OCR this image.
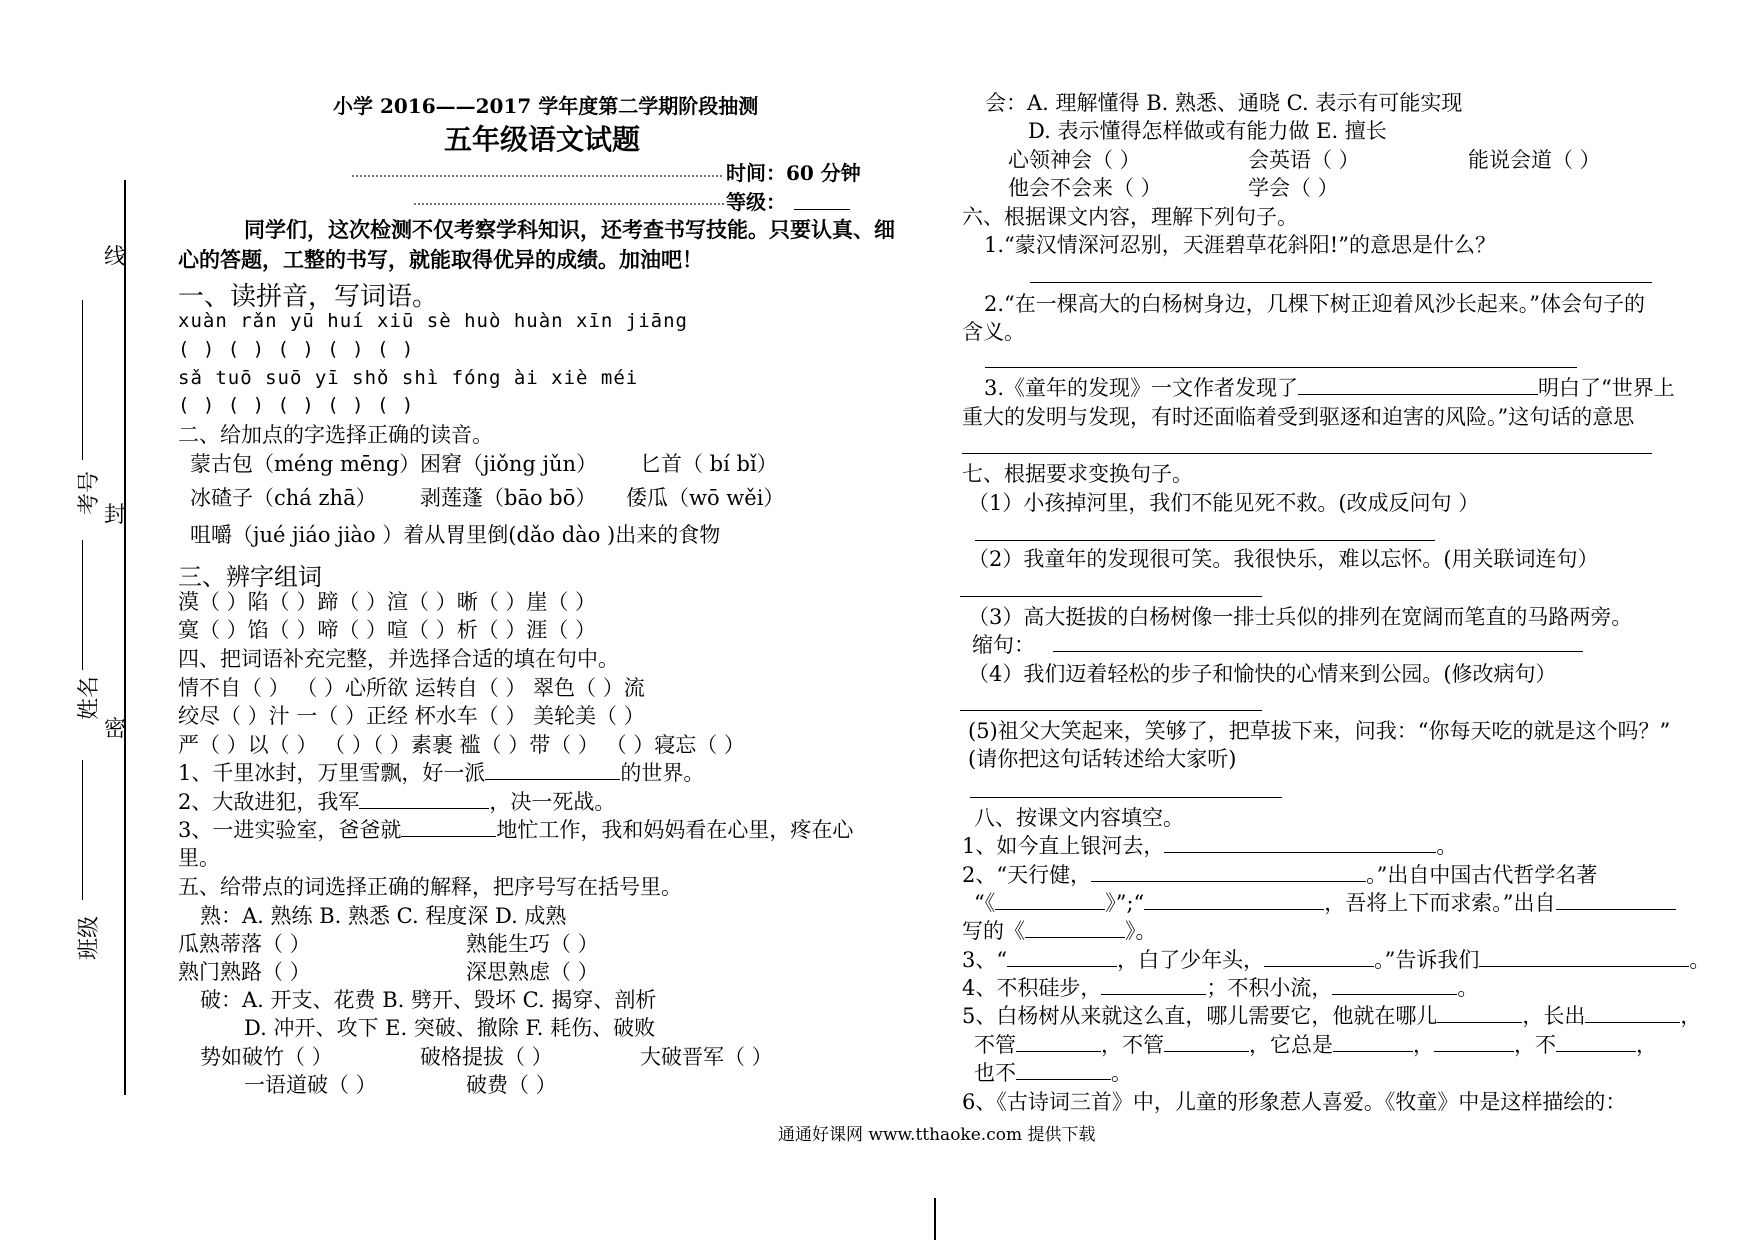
线
封
密
考号
姓名
班级
小学 2016——2017 学年度第二学期阶段抽测
五年级语文试题
时间：60 分钟
等级：
同学们，这次检测不仅考察学科知识，还考查书写技能。只要认真、细
心的答题，工整的书写，就能取得优异的成绩。加油吧！
一、读拼音，写词语。
xuàn rǎn yū huí xiū sè huò huàn xīn jiāng
( ) ( ) ( ) ( ) ( )
sǎ tuō suō yī shǒ shì fóng ài xiè méi
( ) ( ) ( ) ( ) ( )
二、给加点的字选择正确的读音。
蒙古包（méng mēng） 困窘（jiǒng jǔn） 匕首（ bí bǐ）
冰碴子（chá zhā） 剥莲蓬（bāo bō） 倭瓜（wō wěi）
咀嚼（jué jiáo jiào ）着从胃里倒(dǎo dào )出来的食物
三、辨字组词
漠（ ）陷（ ）蹄（ ）渲（ ）晰（ ）崖（ ）
寞（ ）馅（ ）啼（ ）喧（ ）析（ ）涯（ ）
四、把词语补充完整，并选择合适的填在句中。
情不自（ ） （ ）心所欲 运转自（ ） 翠色（ ）流
绞尽（ ）汁 一（ ）正经 杯水车（ ） 美轮美（ ）
严（ ）以（ ） （ ）（ ）素裹 褴（ ）带（ ） （ ）寝忘（ ）
1、千里冰封，万里雪飘，好一派	的世界。
2、大敌进犯，我军	，决一死战。
3、一进实验室，爸爸就	地忙工作，我和妈妈看在心里，疼在心
里。
五、给带点的词选择正确的解释，把序号写在括号里。
熟：A. 熟练 B. 熟悉 C. 程度深 D. 成熟
瓜熟蒂落（ ）	熟能生巧（ ）
熟门熟路（ ）	深思熟虑（ ）
破：A. 开支、花费 B. 劈开、毁坏 C. 揭穿、剖析
D. 冲开、攻下 E. 突破、撤除 F. 耗伤、破败
势如破竹（ ）	破格提拔（ ）	大破晋军（ ）
一语道破（ ）	破费（ ）
会：A. 理解懂得 B. 熟悉、通晓 C. 表示有可能实现
D. 表示懂得怎样做或有能力做 E. 擅长
心领神会（ ）	会英语（ ）	能说会道（ ）
他会不会来（ ）	学会（ ）
六、根据课文内容，理解下列句子。
1.“蒙汉情深河忍别，天涯碧草花斜阳!”的意思是什么？
2.“在一棵高大的白杨树身边，几棵下树正迎着风沙长起来。”体会句子的
含义。
3.《童年的发现》一文作者发现了	明白了“世界上
重大的发明与发现，有时还面临着受到驱逐和迫害的风险。”这句话的意思
七、根据要求变换句子。
（1）小孩掉河里，我们不能见死不救。(改成反问句 ）
（2）我童年的发现很可笑。我很快乐，难以忘怀。(用关联词连句）
（3）高大挺拔的白杨树像一排士兵似的排列在宽阔而笔直的马路两旁。
缩句：
（4）我们迈着轻松的步子和愉快的心情来到公园。(修改病句）
(5)祖父大笑起来，笑够了，把草拔下来，问我：“你每天吃的就是这个吗？”
(请你把这句话转述给大家听)
八、按课文内容填空。
1、如今直上银河去，	。
2、“天行健，	。”出自中国古代哲学名著
“《	》”;“	，吾将上下而求索。”出自
写的《	》。
3、“	，白了少年头，	。”告诉我们	。
4、不积硅步，	；不积小流，	。
5、白杨树从来就这么直，哪儿需要它，他就在哪儿	，长出	，
不管	，不管	，它总是	，	，不	，
也不	。
6、《古诗词三首》中，儿童的形象惹人喜爱。《牧童》中是这样描绘的：
通通好课网 www.tthaoke.com 提供下载
